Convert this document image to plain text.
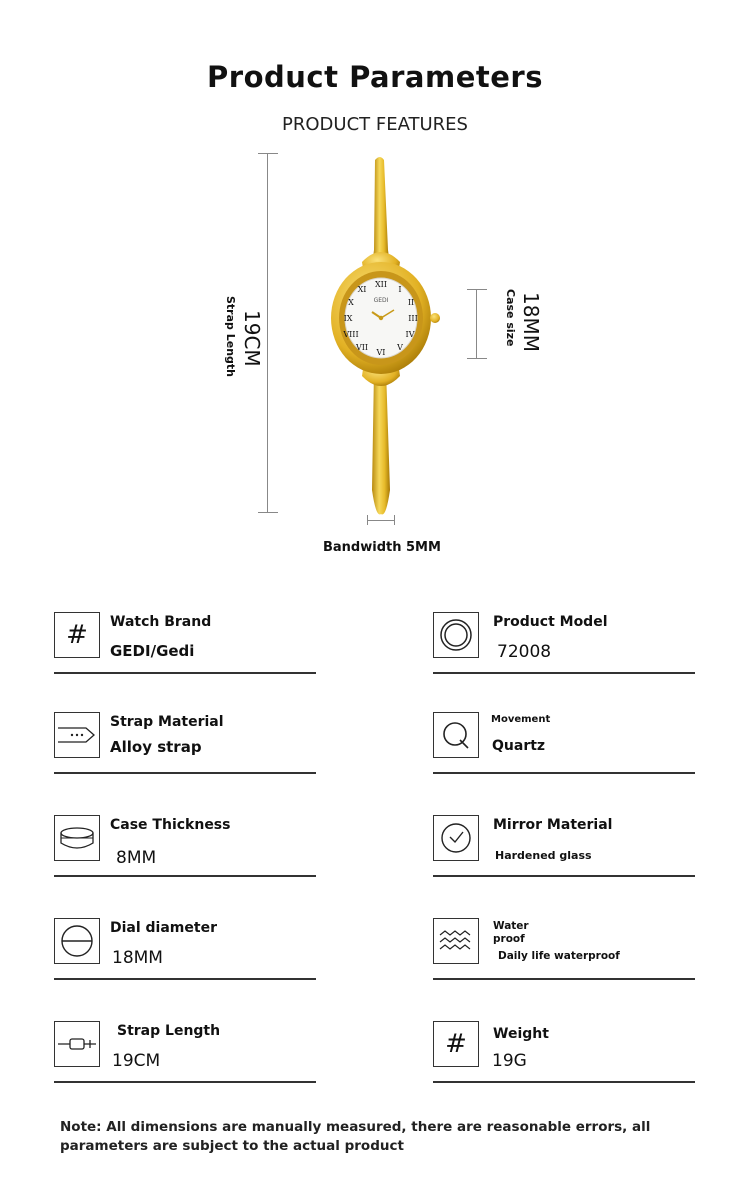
Product Parameters
PRODUCT FEATURES
19CM
Strap Length	18MM
Case size
XII
I
II
III
IV
V
VI
VII
VIII
IX
X
XI
GEDI
Bandwidth 5MM
# Watch Brand
GEDI/Gedi
Product Model
72008
Strap Material
Alloy strap
Movement
Quartz
Case Thickness
8MM
Mirror Material
Hardened glass
Dial diameter
18MM
Water proof
Daily life waterproof
Strap Length
19CM
# Weight
19G
Note: All dimensions are manually measured, there are reasonable errors, all parameters are subject to the actual product
